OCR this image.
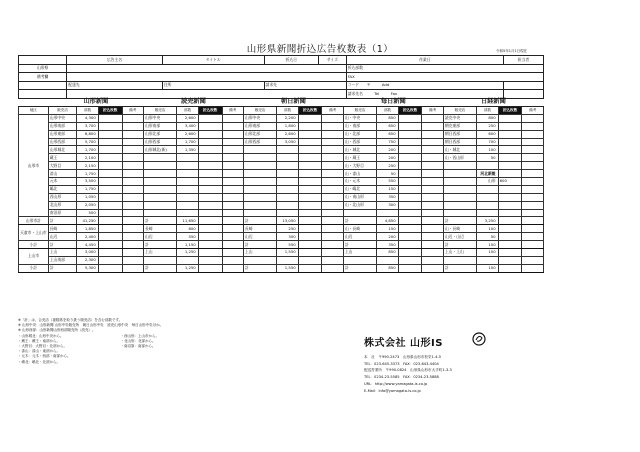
山形県新聞折込広告枚数表（1）	令和5年1月1日現在
	広告主名	タイトル	折込日	サイズ	作業日	担当者
山形県					折込部数	
備考欄					FAX	
	配達先	住所	請求先		コード　　 〒　　　 Add	
					請求先名　　　 Tel　　　 Fax	
	山形新聞				読売新聞				朝日新聞				毎日新聞				日経新聞			
地区	販売店	部数	折込枚数	備考	販売店	部数	折込枚数	備考	販売店	部数	折込枚数	備考	販売店	部数	折込枚数	備考	販売店	部数	折込枚数	備考
山形市	山形中央	4,300			山形中央	2,600			山形中央	2,200			山・中央	850			読売中央	800		
	山形南部	3,700			山形南部	3,400			山形南部	1,800			山・南部	650			朝売東部	250		
	山形東部	6,800			山形北部	2,600			山形北部	2,600			山・北部	650			朝日西部	600		
	山形西部	5,700			山形西部	1,700			山形西部	3,050			山・西部	750			朝日西部	700		
	山形城北	1,700			山形城北(新)	1,350							山・城北	200			山・城北	100		
	蔵王	2,100											山・蔵王	200			山・西山形	50		
	大野目	2,150											山・大野目	250						
	漆山	1,750											山・漆山	50				河北新報		
	元木	3,500											山・元木	550				山形	600	
	嶋北	1,750											山・嶋北	150						
	西山形	1,050											山・南山形	350						
	北山形	2,050											山・北山形	300						
	南沼原	500																		
山形市計	計	41,250			計	11,650			計	13,050			計	4,850			計	3,250		
天童市・上山市	長崎	1,850			長崎	600			長崎	250			山・長崎	150			山・長崎	100		
	山辺	2,400			山辺	550			山辺	300			山辺	200			山辺・山辺	50		
小計	計	4,450			計	1,150			計	550			計	350			計	150		
上山市	上山	3,000			上山	1,250			上山	1,550			上山	850			上山・上山	100		
	上山南部	2,300																		
小計	計	5,300			計	1,250			計	1,550			計	850			計	100		
※「計」は、合売店（複数紙を取り扱う販売店）を含む部数です。
※ 山形中央：山形新聞 山形中央販売所　朝日山形中央　読売山形中央　毎日山形中央ほか。
※ 山形西部：山形新聞山形西部販売所（読売）。
・山形城北：山形中央から。
・蔵王：蔵王・南部から。
・大野目：大野目・北部から。
・漆山：漆山・東部から。
・元木：元木・西部・南部から。
・嶋北：嶋北・北部から。
・西山形：上山市から。
・北山形：北部から。
・南沼原：南部から。	株式会社 山形IS
本　社　〒990-2473　山形県山形市松栄1-4-5
TEL：023-645-3373　FAX：023-643-4404
配送営業所　〒990-0824　山形県山形市大手町1-3-3
TEL：0234-23-5585　FAX：0234-23-5888
URL：http://www.yamagata-is.co.jp
E-Mail：info@yamagata-is.co.jp
